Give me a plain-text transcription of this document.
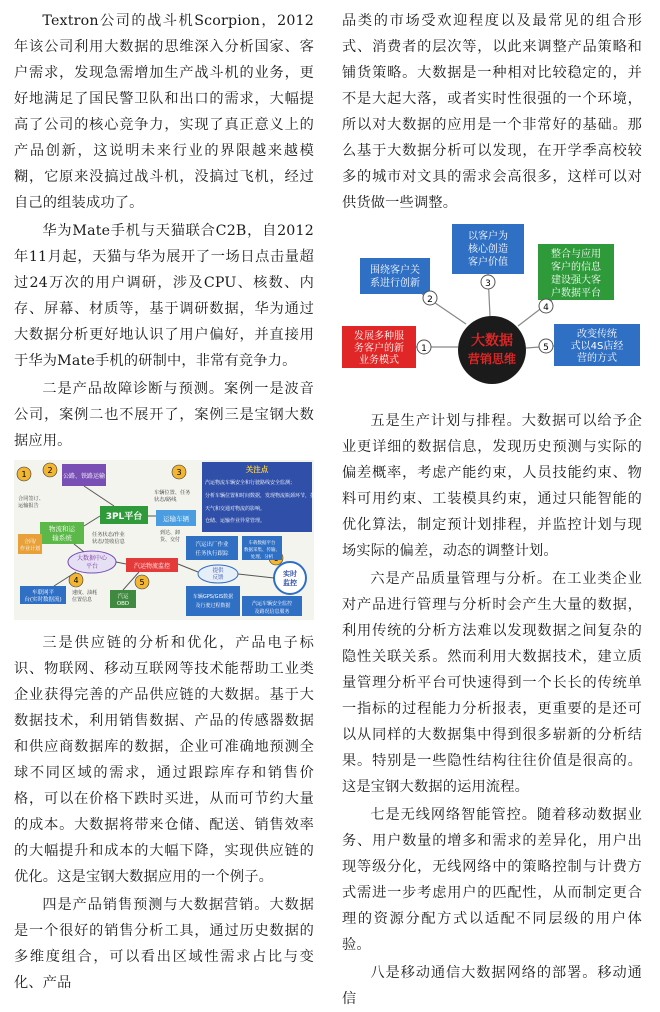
Textron公司的战斗机Scorpion，2012年该公司利用大数据的思维深入分析国家、客户需求，发现急需增加生产战斗机的业务，更好地满足了国民警卫队和出口的需求，大幅提高了公司的核心竞争力，实现了真正意义上的产品创新，这说明未来行业的界限越来越模糊，它原来没搞过战斗机，没搞过飞机，经过自己的组装成功了。

华为Mate手机与天猫联合C2B，自2012年11月起，天猫与华为展开了一场日点击量超过24万次的用户调研，涉及CPU、核数、内存、屏幕、材质等，基于调研数据，华为通过大数据分析更好地认识了用户偏好，并直接用于华为Mate手机的研制中，非常有竞争力。

二是产品故障诊断与预测。案例一是波音公司，案例二也不展开了，案例三是宝钢大数据应用。

1	2	3
4	5
公路、铁路运输
3PL平台
物流和运
输系统
车辆位置、任务
状态/路线
合同签订、
运输报告
任务状态/作业
状态/签收信息
运输车辆
合同/
作业计划
大数据中心
平台	汽运物流监控
车联网平
台(实时数据流)	汽运
OBD
速度、油耗
位置信息
到达、卸
货、交付
关注点
汽运物流车辆安全和行驶路线安全监测；
分析车辆位置和时间数据，发现物流瓶颈环节，提升优化。
天气和交通对物流的影响。
仓储、运输作业异常管理。
汽运出厂作业
任务执行跟踪
车载数据平台
数据采集、传输、
处理、分析
提供
反馈	实时
监控
车辆GPS/GIS数据
及行驶过程数据	汽运车辆安全监控
及路况信息服务

三是供应链的分析和优化，产品电子标识、物联网、移动互联网等技术能帮助工业类企业获得完善的产品供应链的大数据。基于大数据技术，利用销售数据、产品的传感器数据和供应商数据库的数据，企业可准确地预测全球不同区域的需求，通过跟踪库存和销售价格，可以在价格下跌时买进，从而可节约大量的成本。大数据将带来仓储、配送、销售效率的大幅提升和成本的大幅下降，实现供应链的优化。这是宝钢大数据应用的一个例子。

四是产品销售预测与大数据营销。大数据是一个很好的销售分析工具，通过历史数据的多维度组合，可以看出区域性需求占比与变化、产品

品类的市场受欢迎程度以及最常见的组合形式、消费者的层次等，以此来调整产品策略和铺货策略。大数据是一种相对比较稳定的，并不是大起大落，或者实时性很强的一个环境，所以对大数据的应用是一个非常好的基础。那么基于大数据分析可以发现，在开学季高校较多的城市对文具的需求会高很多，这样可以对供货做一些调整。

大数据
营销思维
发展多种服
务客户的新
业务模式
围绕客户关
系进行创新
以客户为
核心创造
客户价值
整合与应用
客户的信息
建设强大客
户数据平台
改变传统
式以4S店经
营的方式
1
2
3
4
5

五是生产计划与排程。大数据可以给予企业更详细的数据信息，发现历史预测与实际的偏差概率，考虑产能约束，人员技能约束、物料可用约束、工装模具约束，通过只能智能的优化算法，制定预计划排程，并监控计划与现场实际的偏差，动态的调整计划。

六是产品质量管理与分析。在工业类企业对产品进行管理与分析时会产生大量的数据，利用传统的分析方法难以发现数据之间复杂的隐性关联关系。然而利用大数据技术，建立质量管理分析平台可快速得到一个长长的传统单一指标的过程能力分析报表，更重要的是还可以从同样的大数据集中得到很多崭新的分析结果。特别是一些隐性结构往往价值是很高的。这是宝钢大数据的运用流程。

七是无线网络智能管控。随着移动数据业务、用户数量的增多和需求的差异化，用户出现等级分化，无线网络中的策略控制与计费方式需进一步考虑用户的匹配性，从而制定更合理的资源分配方式以适配不同层级的用户体验。

八是移动通信大数据网络的部署。移动通信
